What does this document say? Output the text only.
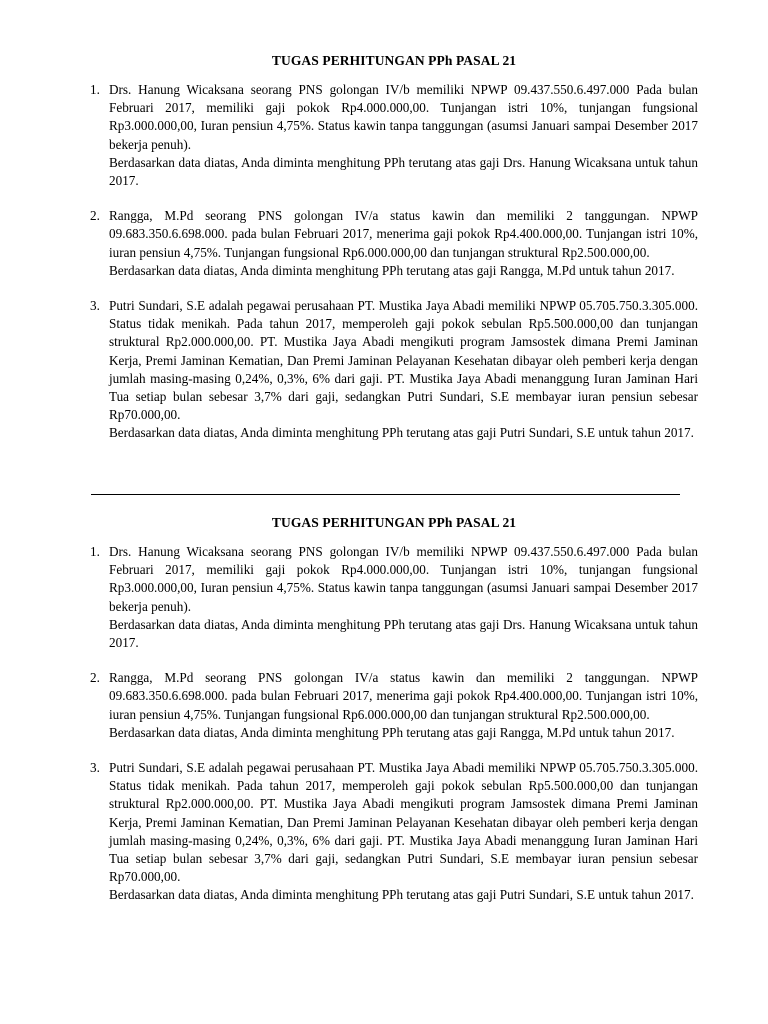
TUGAS PERHITUNGAN PPh PASAL 21
1. Drs. Hanung Wicaksana seorang PNS golongan IV/b memiliki NPWP 09.437.550.6.497.000 Pada bulan Februari 2017, memiliki gaji pokok Rp4.000.000,00. Tunjangan istri 10%, tunjangan fungsional Rp3.000.000,00, Iuran pensiun 4,75%. Status kawin tanpa tanggungan (asumsi Januari sampai Desember 2017 bekerja penuh).

Berdasarkan data diatas, Anda diminta menghitung PPh terutang atas gaji Drs. Hanung Wicaksana untuk tahun 2017.

2. Rangga, M.Pd seorang PNS golongan IV/a status kawin dan memiliki 2 tanggungan. NPWP 09.683.350.6.698.000. pada bulan Februari 2017, menerima gaji pokok Rp4.400.000,00. Tunjangan istri 10%, iuran pensiun 4,75%. Tunjangan fungsional Rp6.000.000,00 dan tunjangan struktural Rp2.500.000,00.

Berdasarkan data diatas, Anda diminta menghitung PPh terutang atas gaji Rangga, M.Pd untuk tahun 2017.

3. Putri Sundari, S.E adalah pegawai perusahaan PT. Mustika Jaya Abadi memiliki NPWP 05.705.750.3.305.000. Status tidak menikah. Pada tahun 2017, memperoleh gaji pokok sebulan Rp5.500.000,00 dan tunjangan struktural Rp2.000.000,00. PT. Mustika Jaya Abadi mengikuti program Jamsostek dimana Premi Jaminan Kerja, Premi Jaminan Kematian, Dan Premi Jaminan Pelayanan Kesehatan dibayar oleh pemberi kerja dengan jumlah masing-masing 0,24%, 0,3%, 6% dari gaji. PT. Mustika Jaya Abadi menanggung Iuran Jaminan Hari Tua setiap bulan sebesar 3,7% dari gaji, sedangkan Putri Sundari, S.E membayar iuran pensiun sebesar Rp70.000,00.

Berdasarkan data diatas, Anda diminta menghitung PPh terutang atas gaji Putri Sundari, S.E untuk tahun 2017.

TUGAS PERHITUNGAN PPh PASAL 21
1. Drs. Hanung Wicaksana seorang PNS golongan IV/b memiliki NPWP 09.437.550.6.497.000 Pada bulan Februari 2017, memiliki gaji pokok Rp4.000.000,00. Tunjangan istri 10%, tunjangan fungsional Rp3.000.000,00, Iuran pensiun 4,75%. Status kawin tanpa tanggungan (asumsi Januari sampai Desember 2017 bekerja penuh).

Berdasarkan data diatas, Anda diminta menghitung PPh terutang atas gaji Drs. Hanung Wicaksana untuk tahun 2017.

2. Rangga, M.Pd seorang PNS golongan IV/a status kawin dan memiliki 2 tanggungan. NPWP 09.683.350.6.698.000. pada bulan Februari 2017, menerima gaji pokok Rp4.400.000,00. Tunjangan istri 10%, iuran pensiun 4,75%. Tunjangan fungsional Rp6.000.000,00 dan tunjangan struktural Rp2.500.000,00.

Berdasarkan data diatas, Anda diminta menghitung PPh terutang atas gaji Rangga, M.Pd untuk tahun 2017.

3. Putri Sundari, S.E adalah pegawai perusahaan PT. Mustika Jaya Abadi memiliki NPWP 05.705.750.3.305.000. Status tidak menikah. Pada tahun 2017, memperoleh gaji pokok sebulan Rp5.500.000,00 dan tunjangan struktural Rp2.000.000,00. PT. Mustika Jaya Abadi mengikuti program Jamsostek dimana Premi Jaminan Kerja, Premi Jaminan Kematian, Dan Premi Jaminan Pelayanan Kesehatan dibayar oleh pemberi kerja dengan jumlah masing-masing 0,24%, 0,3%, 6% dari gaji. PT. Mustika Jaya Abadi menanggung Iuran Jaminan Hari Tua setiap bulan sebesar 3,7% dari gaji, sedangkan Putri Sundari, S.E membayar iuran pensiun sebesar Rp70.000,00.

Berdasarkan data diatas, Anda diminta menghitung PPh terutang atas gaji Putri Sundari, S.E untuk tahun 2017.
